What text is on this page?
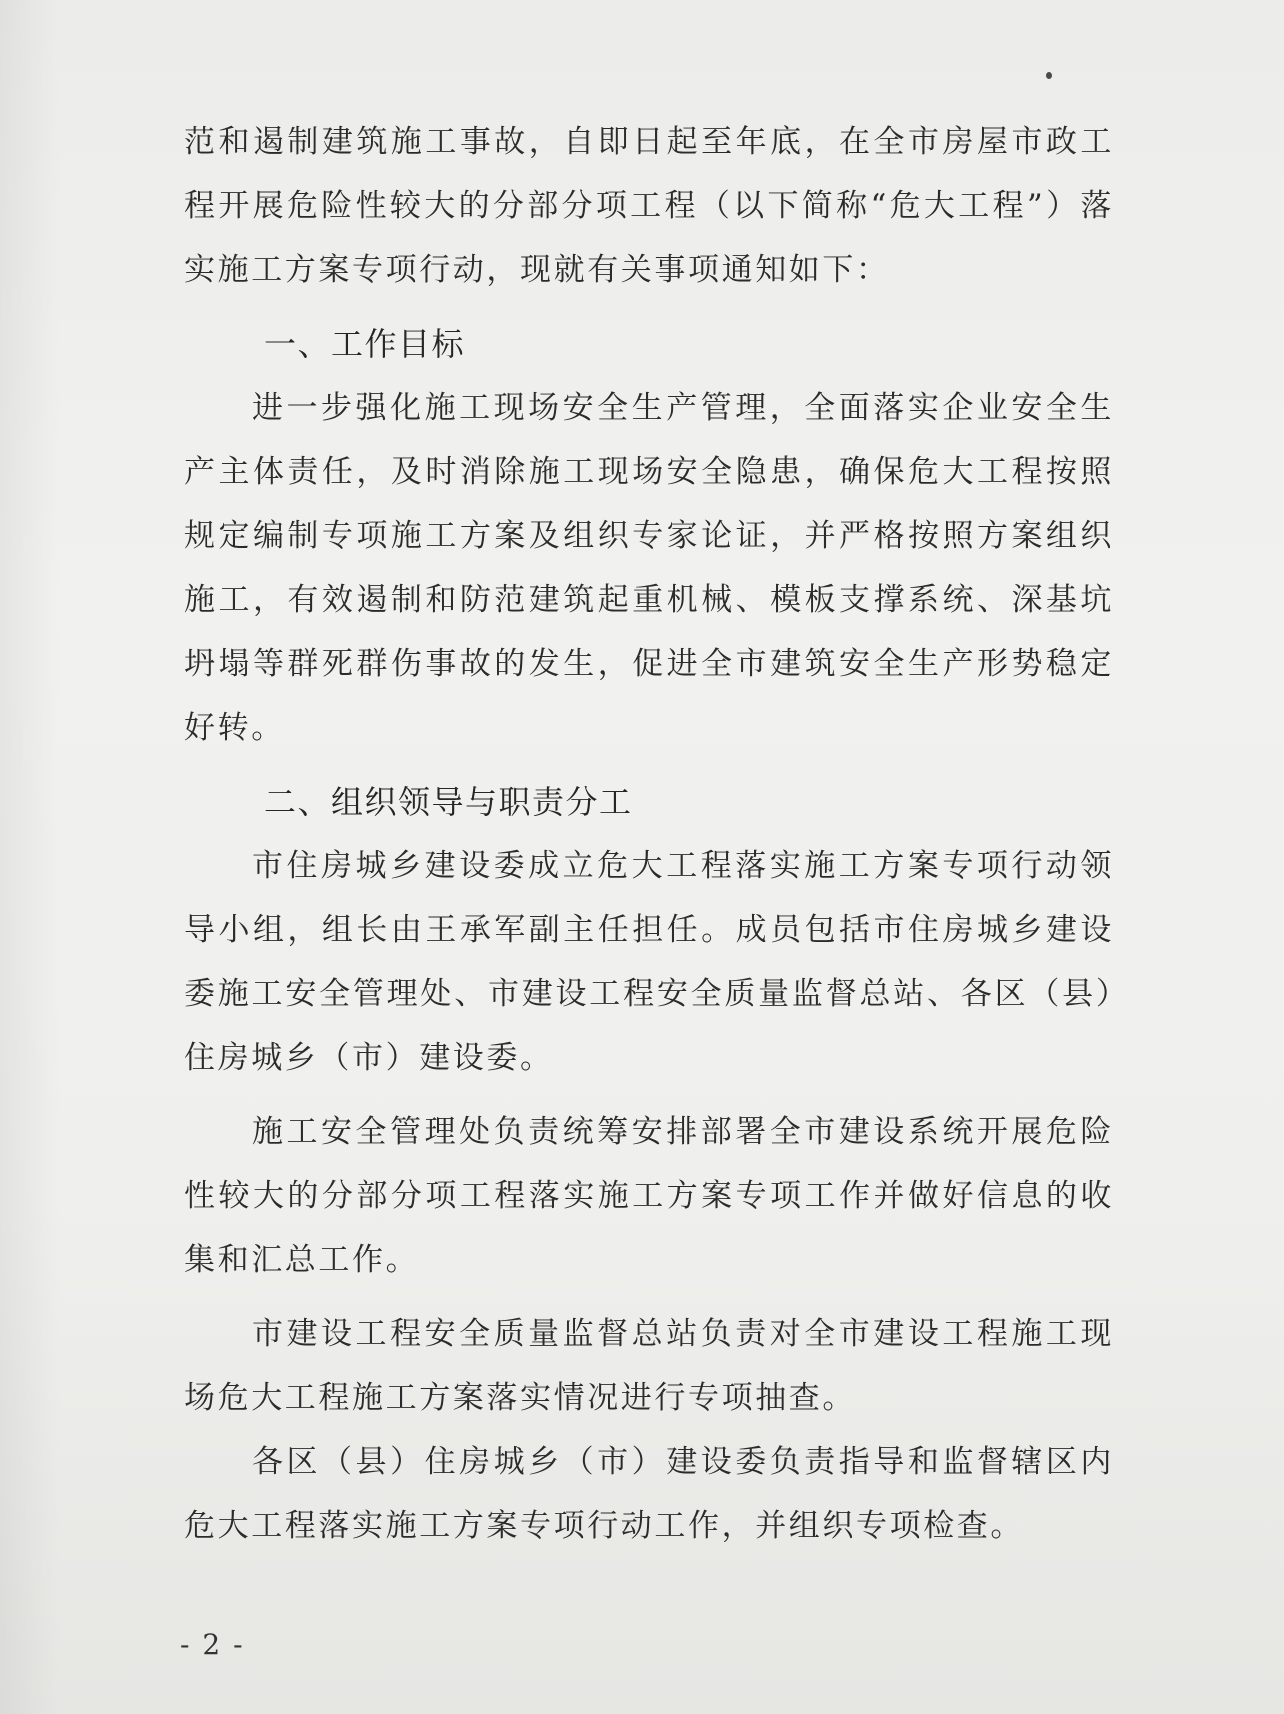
范和遏制建筑施工事故，自即日起至年底，在全市房屋市政工程开展危险性较大的分部分项工程（以下简称“危大工程”）落实施工方案专项行动，现就有关事项通知如下：

一、工作目标

进一步强化施工现场安全生产管理，全面落实企业安全生产主体责任，及时消除施工现场安全隐患，确保危大工程按照规定编制专项施工方案及组织专家论证，并严格按照方案组织施工，有效遏制和防范建筑起重机械、模板支撑系统、深基坑坍塌等群死群伤事故的发生，促进全市建筑安全生产形势稳定好转。

二、组织领导与职责分工

市住房城乡建设委成立危大工程落实施工方案专项行动领导小组，组长由王承军副主任担任。成员包括市住房城乡建设委施工安全管理处、市建设工程安全质量监督总站、各区（县）住房城乡（市）建设委。

施工安全管理处负责统筹安排部署全市建设系统开展危险性较大的分部分项工程落实施工方案专项工作并做好信息的收集和汇总工作。

市建设工程安全质量监督总站负责对全市建设工程施工现场危大工程施工方案落实情况进行专项抽查。

各区（县）住房城乡（市）建设委负责指导和监督辖区内危大工程落实施工方案专项行动工作，并组织专项检查。

- 2 -
